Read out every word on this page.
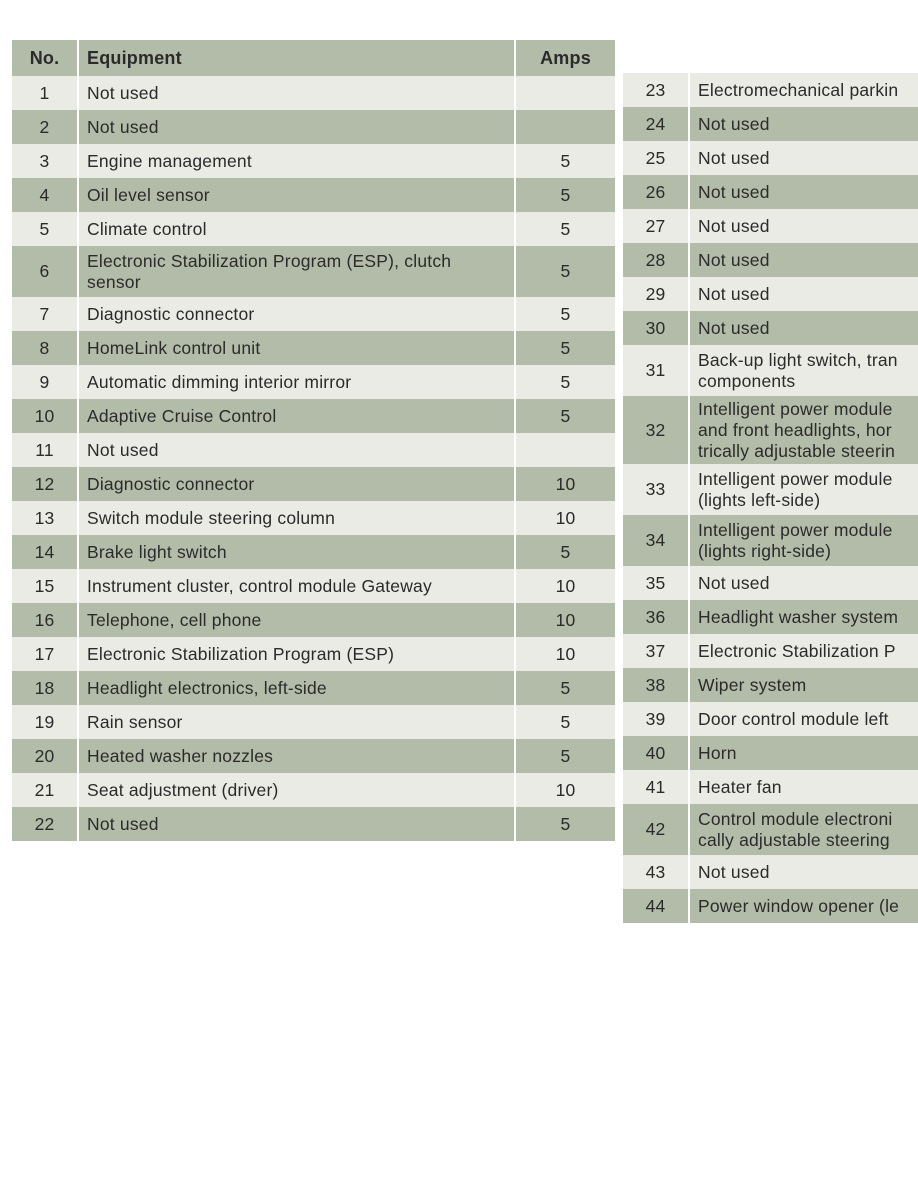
No.	Equipment	Amps
1	Not used	
2	Not used	
3	Engine management	5
4	Oil level sensor	5
5	Climate control	5
6	Electronic Stabilization Program (ESP), clutch sensor	5
7	Diagnostic connector	5
8	HomeLink control unit	5
9	Automatic dimming interior mirror	5
10	Adaptive Cruise Control	5
11	Not used	
12	Diagnostic connector	10
13	Switch module steering column	10
14	Brake light switch	5
15	Instrument cluster, control module Gateway	10
16	Telephone, cell phone	10
17	Electronic Stabilization Program (ESP)	10
18	Headlight electronics, left-side	5
19	Rain sensor	5
20	Heated washer nozzles	5
21	Seat adjustment (driver)	10
22	Not used	5
23	Electromechanical parkin
24	Not used
25	Not used
26	Not used
27	Not used
28	Not used
29	Not used
30	Not used
31	Back-up light switch, tran
components

32	Intelligent power module
and front headlights, hor
trically adjustable steerin

33	Intelligent power module
(lights left-side)

34	Intelligent power module
(lights right-side)

35	Not used
36	Headlight washer system
37	Electronic Stabilization P
38	Wiper system
39	Door control module left
40	Horn
41	Heater fan
42	Control module electroni
cally adjustable steering

43	Not used
44	Power window opener (le
